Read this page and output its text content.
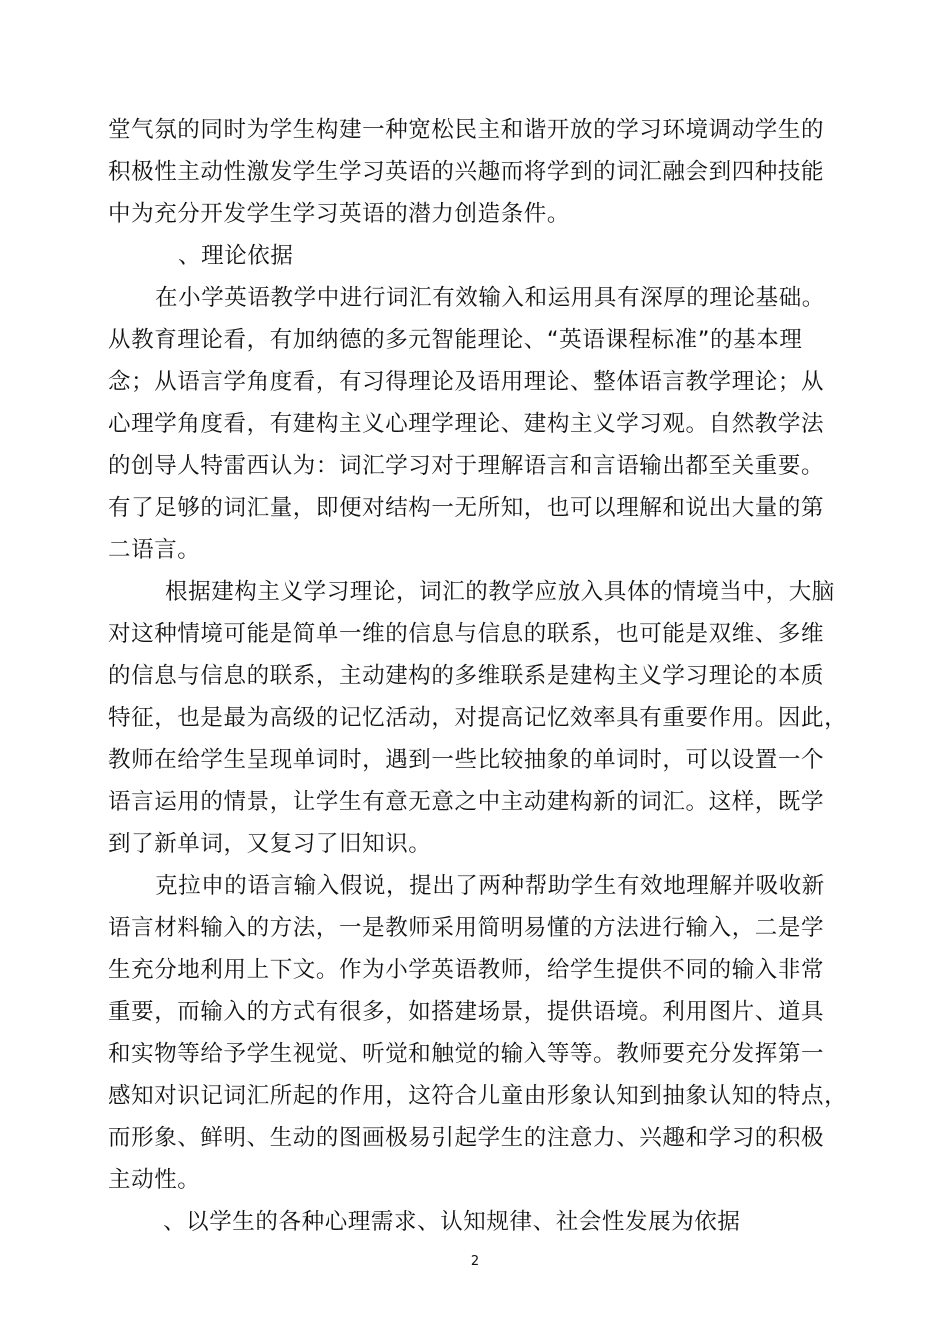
堂气氛的同时为学生构建一种宽松民主和谐开放的学习环境调动学生的

积极性主动性激发学生学习英语的兴趣而将学到的词汇融会到四种技能

中为充分开发学生学习英语的潜力创造条件。

、理论依据

在小学英语教学中进行词汇有效输入和运用具有深厚的理论基础。

从教育理论看，有加纳德的多元智能理论、“英语课程标准”的基本理

念；从语言学角度看，有习得理论及语用理论、整体语言教学理论；从

心理学角度看，有建构主义心理学理论、建构主义学习观。自然教学法

的创导人特雷西认为：词汇学习对于理解语言和言语输出都至关重要。

有了足够的词汇量，即便对结构一无所知，也可以理解和说出大量的第

二语言。

根据建构主义学习理论，词汇的教学应放入具体的情境当中，大脑

对这种情境可能是简单一维的信息与信息的联系，也可能是双维、多维

的信息与信息的联系，主动建构的多维联系是建构主义学习理论的本质

特征，也是最为高级的记忆活动，对提高记忆效率具有重要作用。因此，

教师在给学生呈现单词时，遇到一些比较抽象的单词时，可以设置一个

语言运用的情景，让学生有意无意之中主动建构新的词汇。这样，既学

到了新单词，又复习了旧知识。

克拉申的语言输入假说，提出了两种帮助学生有效地理解并吸收新

语言材料输入的方法，一是教师采用简明易懂的方法进行输入，二是学

生充分地利用上下文。作为小学英语教师，给学生提供不同的输入非常

重要，而输入的方式有很多，如搭建场景，提供语境。利用图片、道具

和实物等给予学生视觉、听觉和触觉的输入等等。教师要充分发挥第一

感知对识记词汇所起的作用，这符合儿童由形象认知到抽象认知的特点，

而形象、鲜明、生动的图画极易引起学生的注意力、兴趣和学习的积极

主动性。

、以学生的各种心理需求、认知规律、社会性发展为依据

2
